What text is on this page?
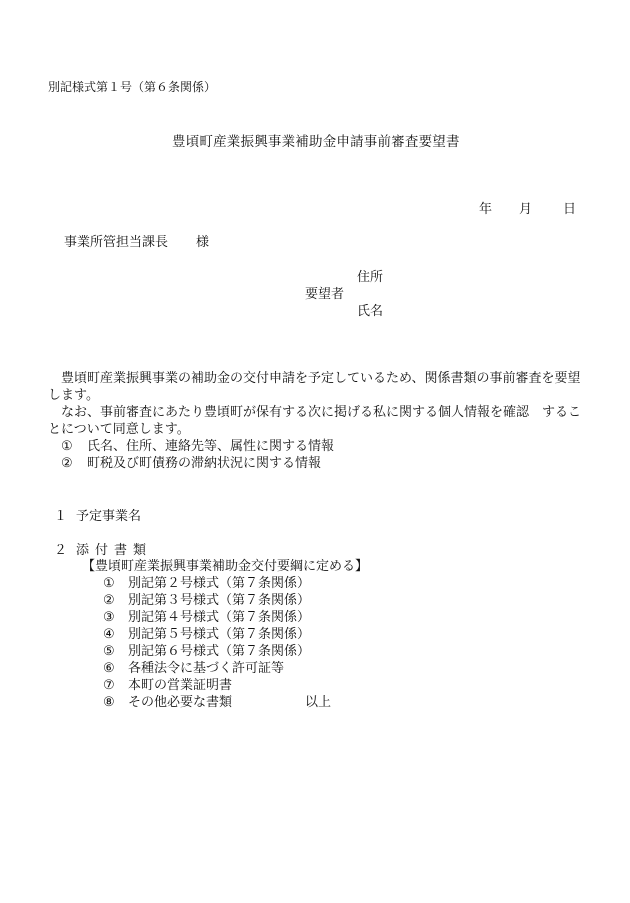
別記様式第１号（第６条関係）
豊頃町産業振興事業補助金申請事前審査要望書
年 月 日
事業所管担当課長 様
住所
要望者
氏名

豊頃町産業振興事業の補助金の交付申請を予定しているため、関係書類の事前審査を要望します。

なお、事前審査にあたり豊頃町が保有する次に掲げる私に関する個人情報を確認　することについて同意します。

① 氏名、住所、連絡先等、属性に関する情報

② 町税及び町債務の滞納状況に関する情報

１ 予定事業名
２ 添付書類
【豊頃町産業振興事業補助金交付要綱に定める】
① 別記第２号様式（第７条関係）
② 別記第３号様式（第７条関係）
③ 別記第４号様式（第７条関係）
④ 別記第５号様式（第７条関係）
⑤ 別記第６号様式（第７条関係）
⑥ 各種法令に基づく許可証等
⑦ 本町の営業証明書
⑧ その他必要な書類	以上
